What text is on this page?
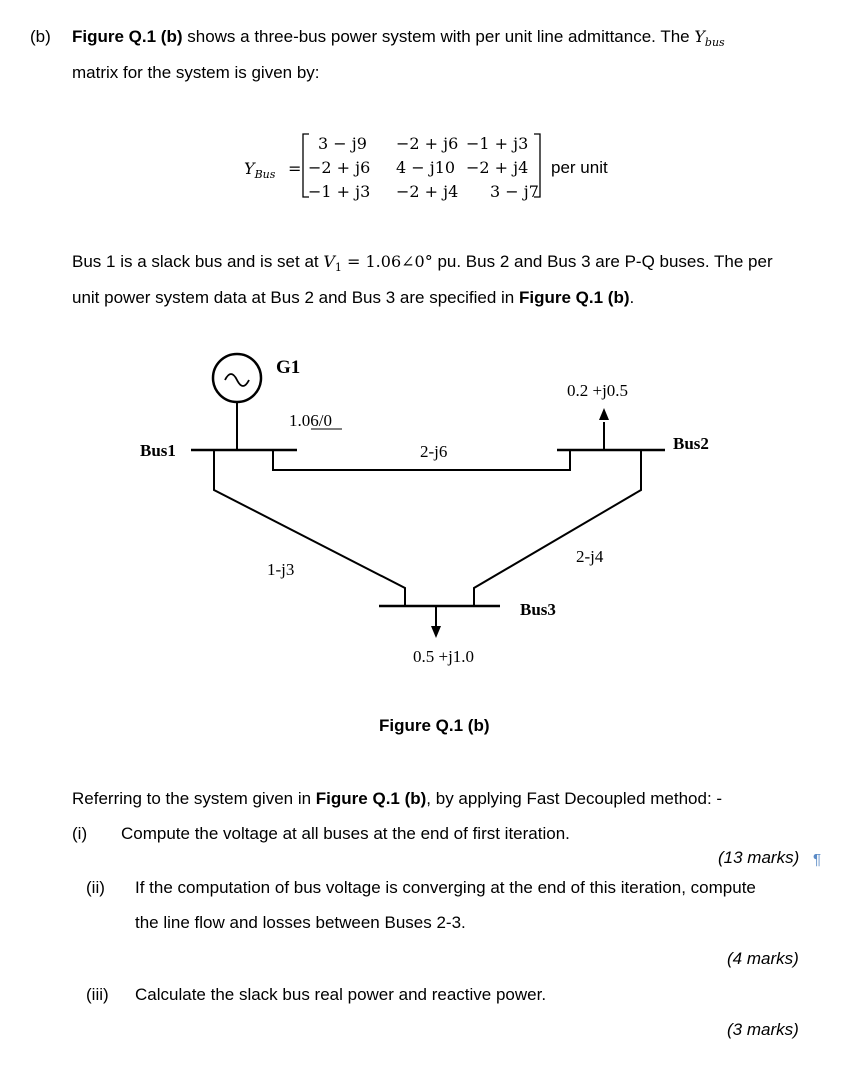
(b) Figure Q.1 (b) shows a three-bus power system with per unit line admittance. The $Y_{bus}$
matrix for the system is given by:
$Y_{Bus}$ =
3 − j9 −2 + j6 −1 + j3
−2 + j6 4 − j10 −2 + j4
−1 + j3 −2 + j4 3 − j7
per unit
Bus 1 is a slack bus and is set at $V_1$ = 1.06∠0° pu. Bus 2 and Bus 3 are P-Q buses. The per
unit power system data at Bus 2 and Bus 3 are specified in Figure Q.1 (b).
G1
1.06/0
Bus1	Bus2
Bus3
2-j6
1-j3
2-j4
0.2 +j0.5
0.5 +j1.0
Figure Q.1 (b)
Referring to the system given in Figure Q.1 (b), by applying Fast Decoupled method: -
(i) Compute the voltage at all buses at the end of first iteration.
(13 marks) ¶
(ii) If the computation of bus voltage is converging at the end of this iteration, compute
the line flow and losses between Buses 2-3.
(4 marks)
(iii) Calculate the slack bus real power and reactive power.
(3 marks)
